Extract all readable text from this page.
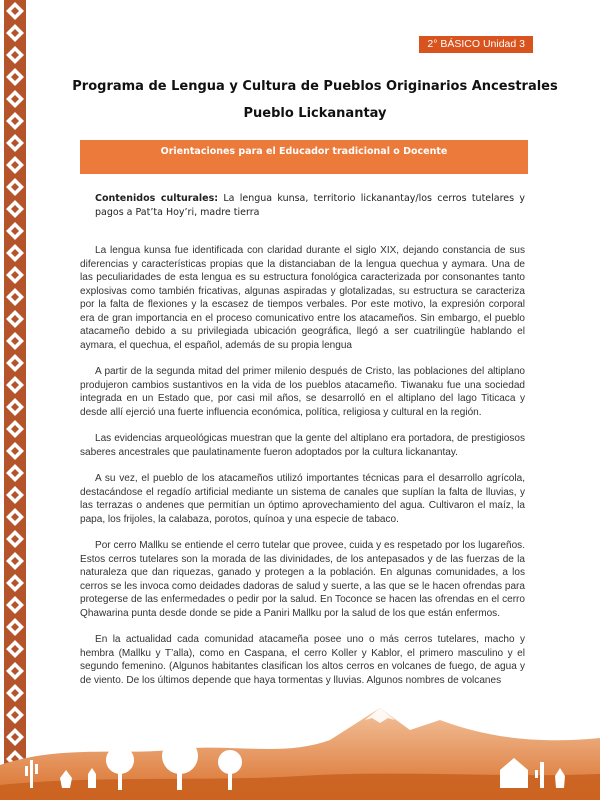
2° BÁSICO Unidad 3
Programa de Lengua y Cultura de Pueblos Originarios Ancestrales
Pueblo Lickanantay
Orientaciones para el Educador tradicional o Docente
Contenidos culturales: La lengua kunsa, territorio lickanantay/los cerros tutelares y pagos a Pat’ta Hoy’ri, madre tierra

La lengua kunsa fue identificada con claridad durante el siglo XIX, dejando constancia de sus diferencias y características propias que la distanciaban de la lengua quechua y aymara. Una de las peculiaridades de esta lengua es su estructura fonológica caracterizada por consonantes tanto explosivas como también fricativas, algunas aspiradas y glotalizadas, su estructura se caracteriza por la falta de flexiones y la escasez de tiempos verbales. Por este motivo, la expresión corporal era de gran importancia en el proceso comunicativo entre los atacameños. Sin embargo, el pueblo atacameño debido a su privilegiada ubicación geográfica, llegó a ser cuatrilingüe hablando el aymara, el quechua, el español, además de su propia lengua

A partir de la segunda mitad del primer milenio después de Cristo, las poblaciones del altiplano produjeron cambios sustantivos en la vida de los pueblos atacameño. Tiwanaku fue una sociedad integrada en un Estado que, por casi mil años, se desarrolló en el altiplano del lago Titicaca y desde allí ejerció una fuerte influencia económica, política, religiosa y cultural en la región.

Las evidencias arqueológicas muestran que la gente del altiplano era portadora, de prestigiosos saberes ancestrales que paulatinamente fueron adoptados por la cultura lickanantay.

A su vez, el pueblo de los atacameños utilizó importantes técnicas para el desarrollo agrícola, destacándose el regadío artificial mediante un sistema de canales que suplían la falta de lluvias, y las terrazas o andenes que permitían un óptimo aprovechamiento del agua. Cultivaron el maíz, la papa, los frijoles, la calabaza, porotos, quínoa y una especie de tabaco.

Por cerro Mallku se entiende el cerro tutelar que provee, cuida y es respetado por los lugareños. Estos cerros tutelares son la morada de las divinidades, de los antepasados y de las fuerzas de la naturaleza que dan riquezas, ganado y protegen a la población. En algunas comunidades, a los cerros se les invoca como deidades dadoras de salud y suerte, a las que se le hacen ofrendas para protegerse de las enfermedades o pedir por la salud. En Toconce se hacen las ofrendas en el cerro Qhawarina punta desde donde se pide a Paniri Mallku por la salud de los que están enfermos.

En la actualidad cada comunidad atacameña posee uno o más cerros tutelares, macho y hembra (Mallku y T’alla), como en Caspana, el cerro Koller y Kablor, el primero masculino y el segundo femenino. (Algunos habitantes clasifican los altos cerros en volcanes de fuego, de agua y de viento. De los últimos depende que haya tormentas y lluvias. Algunos nombres de volcanes
